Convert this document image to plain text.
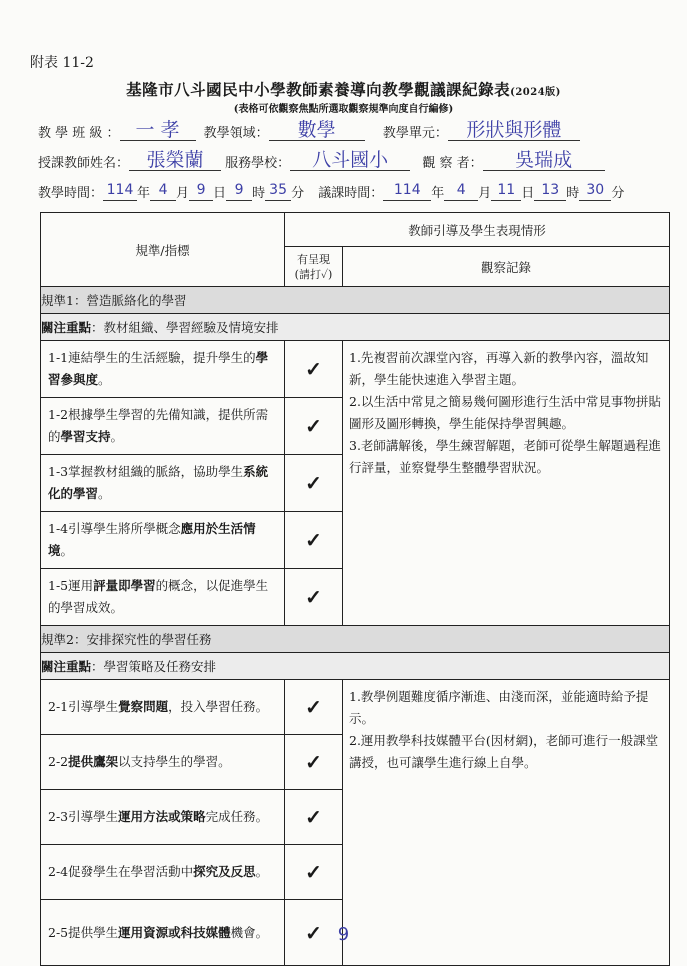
附表 11-2
基隆市八斗國民中小學教師素養導向教學觀議課紀錄表(2024版)
(表格可依觀察焦點所選取觀察規準向度自行編修)
教 學 班 級 ： 一 孝 教學領域： 數學	教學單元： 形狀與形體
授課教師姓名： 張榮蘭 服務學校： 八斗國小	觀 察 者： 吳瑞成
教學時間： 114 年 4 月 9 日 9 時 35 分 議課時間： 114 年 4 月 11 日 13 時 30 分
規準/指標	教師引導及學生表現情形	

	有呈現
(請打✓)	觀察記錄
規準1：營造脈絡化的學習		
關注重點：教材組織、學習經驗及情境安排		
1-1連結學生的生活經驗，提升學生的學習參與度。	✓	1.先複習前次課堂內容，再導入新的教學內容，溫故知新，學生能快速進入學習主題。

2.以生活中常見之簡易幾何圖形進行生活中常見事物拼貼圖形及圖形轉換，學生能保持學習興趣。

3.老師講解後，學生練習解題，老師可從學生解題過程進行評量，並察覺學生整體學習狀況。

1-2根據學生學習的先備知識，提供所需的學習支持。	✓	
1-3掌握教材組織的脈絡，協助學生系統化的學習。	✓	
1-4引導學生將所學概念應用於生活情境。	✓	
1-5運用評量即學習的概念，以促進學生的學習成效。	✓	
規準2：安排探究性的學習任務		
關注重點：學習策略及任務安排		
2-1引導學生覺察問題，投入學習任務。	✓	1.教學例題難度循序漸進、由淺而深，並能適時給予提示。

2.運用教學科技媒體平台(因材網)，老師可進行一般課堂講授，也可讓學生進行線上自學。

2-2提供鷹架以支持學生的學習。	✓	
2-3引導學生運用方法或策略完成任務。	✓	
2-4促發學生在學習活動中探究及反思。	✓	
2-5提供學生運用資源或科技媒體機會。	✓	9
